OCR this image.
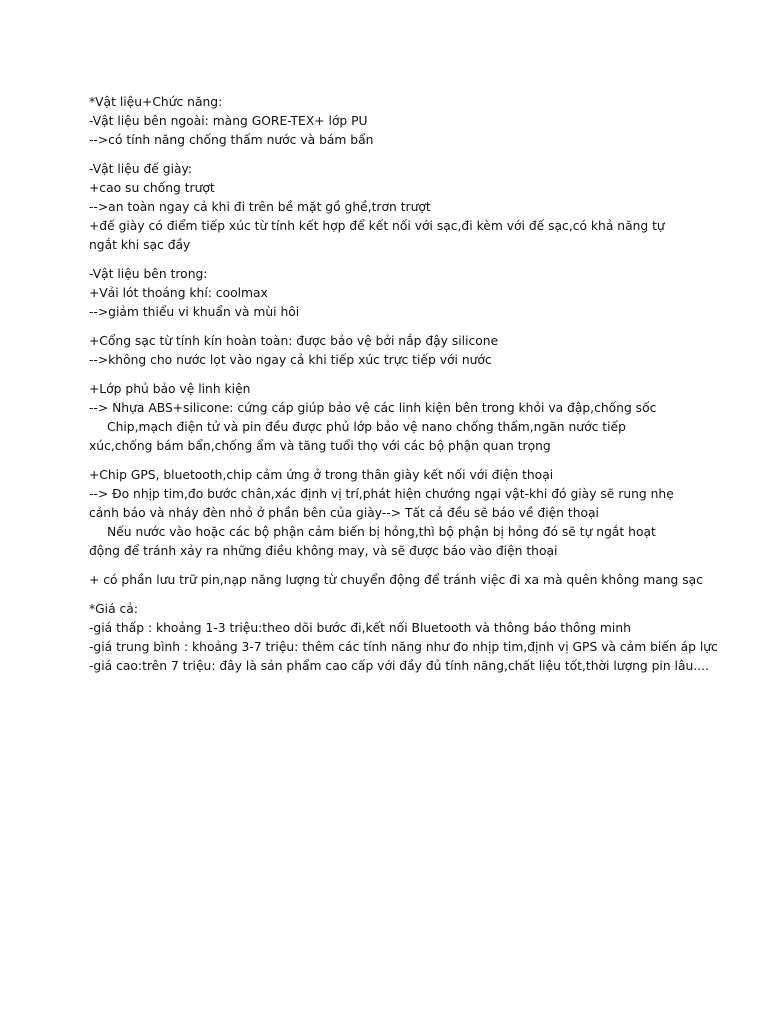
*Vật liệu+Chức năng:
-Vật liệu bên ngoài: màng GORE-TEX+ lớp PU
-->có tính năng chống thấm nước và bám bẩn
-Vật liệu đế giày:
+cao su chống trượt
-->an toàn ngay cả khi đi trên bề mặt gồ ghề,trơn trượt
+đế giày có điểm tiếp xúc từ tính kết hợp để kết nối với sạc,đi kèm với đế sạc,có khả năng tự ngắt khi sạc đầy
-Vật liệu bên trong:
+Vải lót thoáng khí: coolmax
-->giảm thiểu vi khuẩn và mùi hôi
+Cổng sạc từ tính kín hoàn toàn: được bảo vệ bởi nắp đậy silicone
-->không cho nước lọt vào ngay cả khi tiếp xúc trực tiếp với nước
+Lớp phủ bảo vệ linh kiện
--> Nhựa ABS+silicone: cứng cáp giúp bảo vệ các linh kiện bên trong khỏi va đập,chống sốc
Chip,mạch điện tử và pin đều được phủ lớp bảo vệ nano chống thấm,ngăn nước tiếp xúc,chống bám bẩn,chống ẩm và tăng tuổi thọ với các bộ phận quan trọng
+Chip GPS, bluetooth,chip cảm ứng ở trong thân giày kết nối với điện thoại
--> Đo nhịp tim,đo bước chân,xác định vị trí,phát hiện chướng ngại vật-khi đó giày sẽ rung nhẹ cảnh báo và nháy đèn nhỏ ở phần bên của giày--> Tất cả đều sẽ báo về điện thoại
Nếu nước vào hoặc các bộ phận cảm biến bị hỏng,thì bộ phận bị hỏng đó sẽ tự ngắt hoạt động để tránh xảy ra những điều không may, và sẽ được báo vào điện thoại
+ có phần lưu trữ pin,nạp năng lượng từ chuyển động để tránh việc đi xa mà quên không mang sạc
*Giá cả:
-giá thấp : khoảng 1-3 triệu:theo dõi bước đi,kết nối Bluetooth và thông báo thông minh
-giá trung bình : khoảng 3-7 triệu: thêm các tính năng như đo nhịp tim,định vị GPS và cảm biến áp lực
-giá cao:trên 7 triệu: đây là sản phẩm cao cấp với đầy đủ tính năng,chất liệu tốt,thời lượng pin lâu....
